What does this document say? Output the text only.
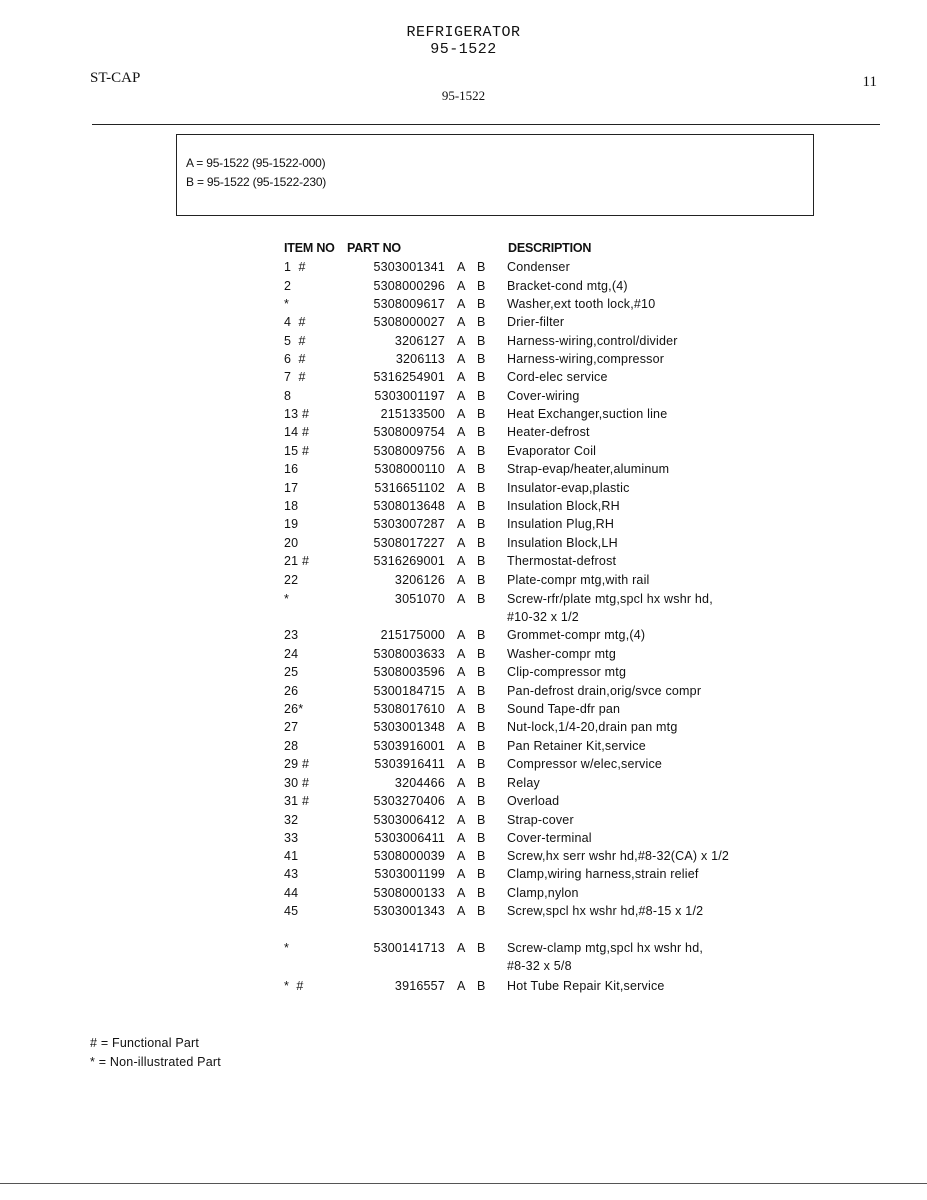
REFRIGERATOR
95-1522
ST-CAP	11
95-1522
A = 95-1522 (95-1522-000)
B = 95-1522 (95-1522-230)
ITEM NO PART NO	DESCRIPTION
1  #	5303001341 A B Condenser
2	5308000296 A B Bracket-cond mtg,(4)
*	5308009617 A B Washer,ext tooth lock,#10
4  #	5308000027 A B Drier-filter
5  #	3206127 A B Harness-wiring,control/divider
6  #	3206113 A B Harness-wiring,compressor
7  #	5316254901 A B Cord-elec service
8	5303001197 A B Cover-wiring
13 #	215133500 A B Heat Exchanger,suction line
14 #	5308009754 A B Heater-defrost
15 #	5308009756 A B Evaporator Coil
16	5308000110 A B Strap-evap/heater,aluminum
17	5316651102 A B Insulator-evap,plastic
18	5308013648 A B Insulation Block,RH
19	5303007287 A B Insulation Plug,RH
20	5308017227 A B Insulation Block,LH
21 #	5316269001 A B Thermostat-defrost
22	3206126 A B Plate-compr mtg,with rail
*	3051070 A B Screw-rfr/plate mtg,spcl hx wshr hd,
#10-32 x 1/2
23	215175000 A B Grommet-compr mtg,(4)
24	5308003633 A B Washer-compr mtg
25	5308003596 A B Clip-compressor mtg
26	5300184715 A B Pan-defrost drain,orig/svce compr
26*	5308017610 A B Sound Tape-dfr pan
27	5303001348 A B Nut-lock,1/4-20,drain pan mtg
28	5303916001 A B Pan Retainer Kit,service
29 #	5303916411 A B Compressor w/elec,service
30 #	3204466 A B Relay
31 #	5303270406 A B Overload
32	5303006412 A B Strap-cover
33	5303006411 A B Cover-terminal
41	5308000039 A B Screw,hx serr wshr hd,#8-32(CA) x 1/2
43	5303001199 A B Clamp,wiring harness,strain relief
44	5308000133 A B Clamp,nylon
45	5303001343 A B Screw,spcl hx wshr hd,#8-15 x 1/2
*	5300141713 A B Screw-clamp mtg,spcl hx wshr hd,
#8-32 x 5/8
*  #	3916557 A B Hot Tube Repair Kit,service
# = Functional Part
* = Non-illustrated Part
